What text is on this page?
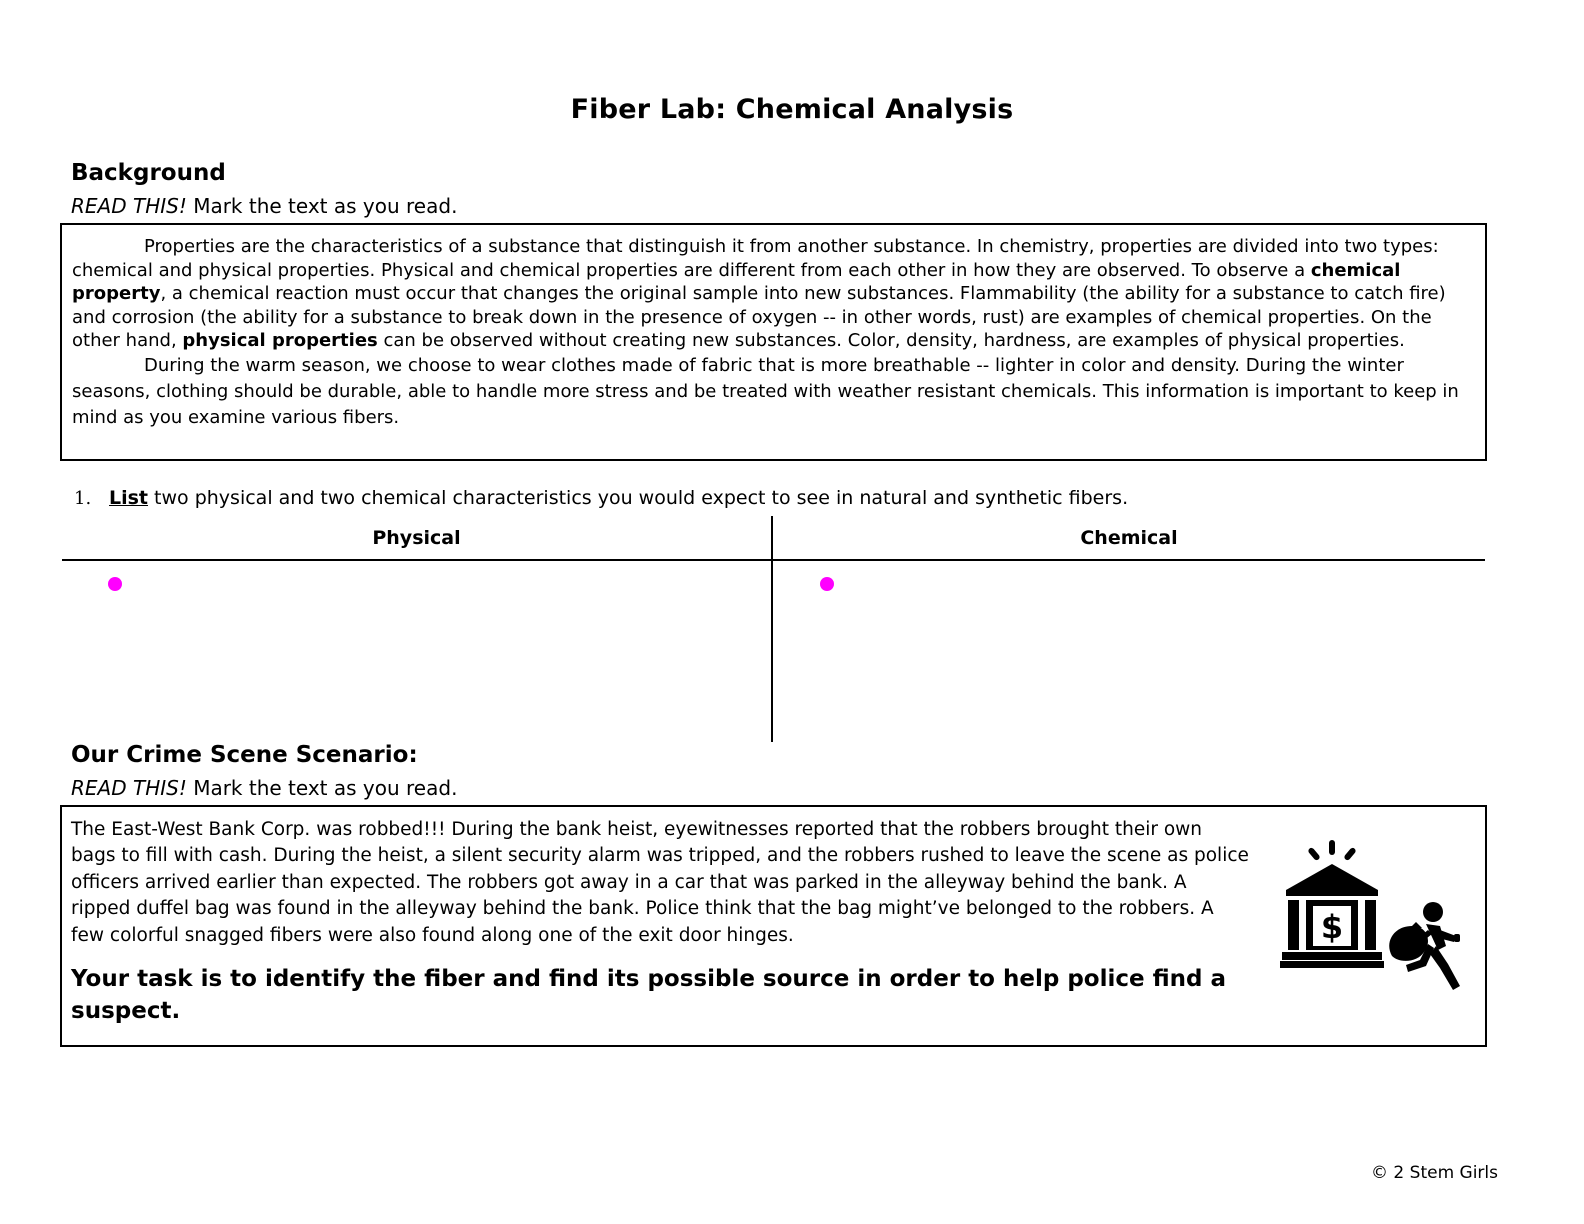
Fiber Lab: Chemical Analysis
Background
READ THIS! Mark the text as you read.

Properties are the characteristics of a substance that distinguish it from another substance. In chemistry, properties are divided into two types: chemical and physical properties. Physical and chemical properties are different from each other in how they are observed. To observe a chemical property, a chemical reaction must occur that changes the original sample into new substances. Flammability (the ability for a substance to catch fire) and corrosion (the ability for a substance to break down in the presence of oxygen -- in other words, rust) are examples of chemical properties. On the other hand, physical properties can be observed without creating new substances. Color, density, hardness, are examples of physical properties.

During the warm season, we choose to wear clothes made of fabric that is more breathable -- lighter in color and density. During the winter seasons, clothing should be durable, able to handle more stress and be treated with weather resistant chemicals. This information is important to keep in mind as you examine various fibers.

1. List two physical and two chemical characteristics you would expect to see in natural and synthetic fibers.
Physical	Chemical
Our Crime Scene Scenario:
READ THIS! Mark the text as you read.

The East-West Bank Corp. was robbed!!! During the bank heist, eyewitnesses reported that the robbers brought their own bags to fill with cash. During the heist, a silent security alarm was tripped, and the robbers rushed to leave the scene as police officers arrived earlier than expected. The robbers got away in a car that was parked in the alleyway behind the bank. A ripped duffel bag was found in the alleyway behind the bank. Police think that the bag might’ve belonged to the robbers. A few colorful snagged fibers were also found along one of the exit door hinges.

Your task is to identify the fiber and find its possible source in order to help police find a suspect.

$
© 2 Stem Girls
